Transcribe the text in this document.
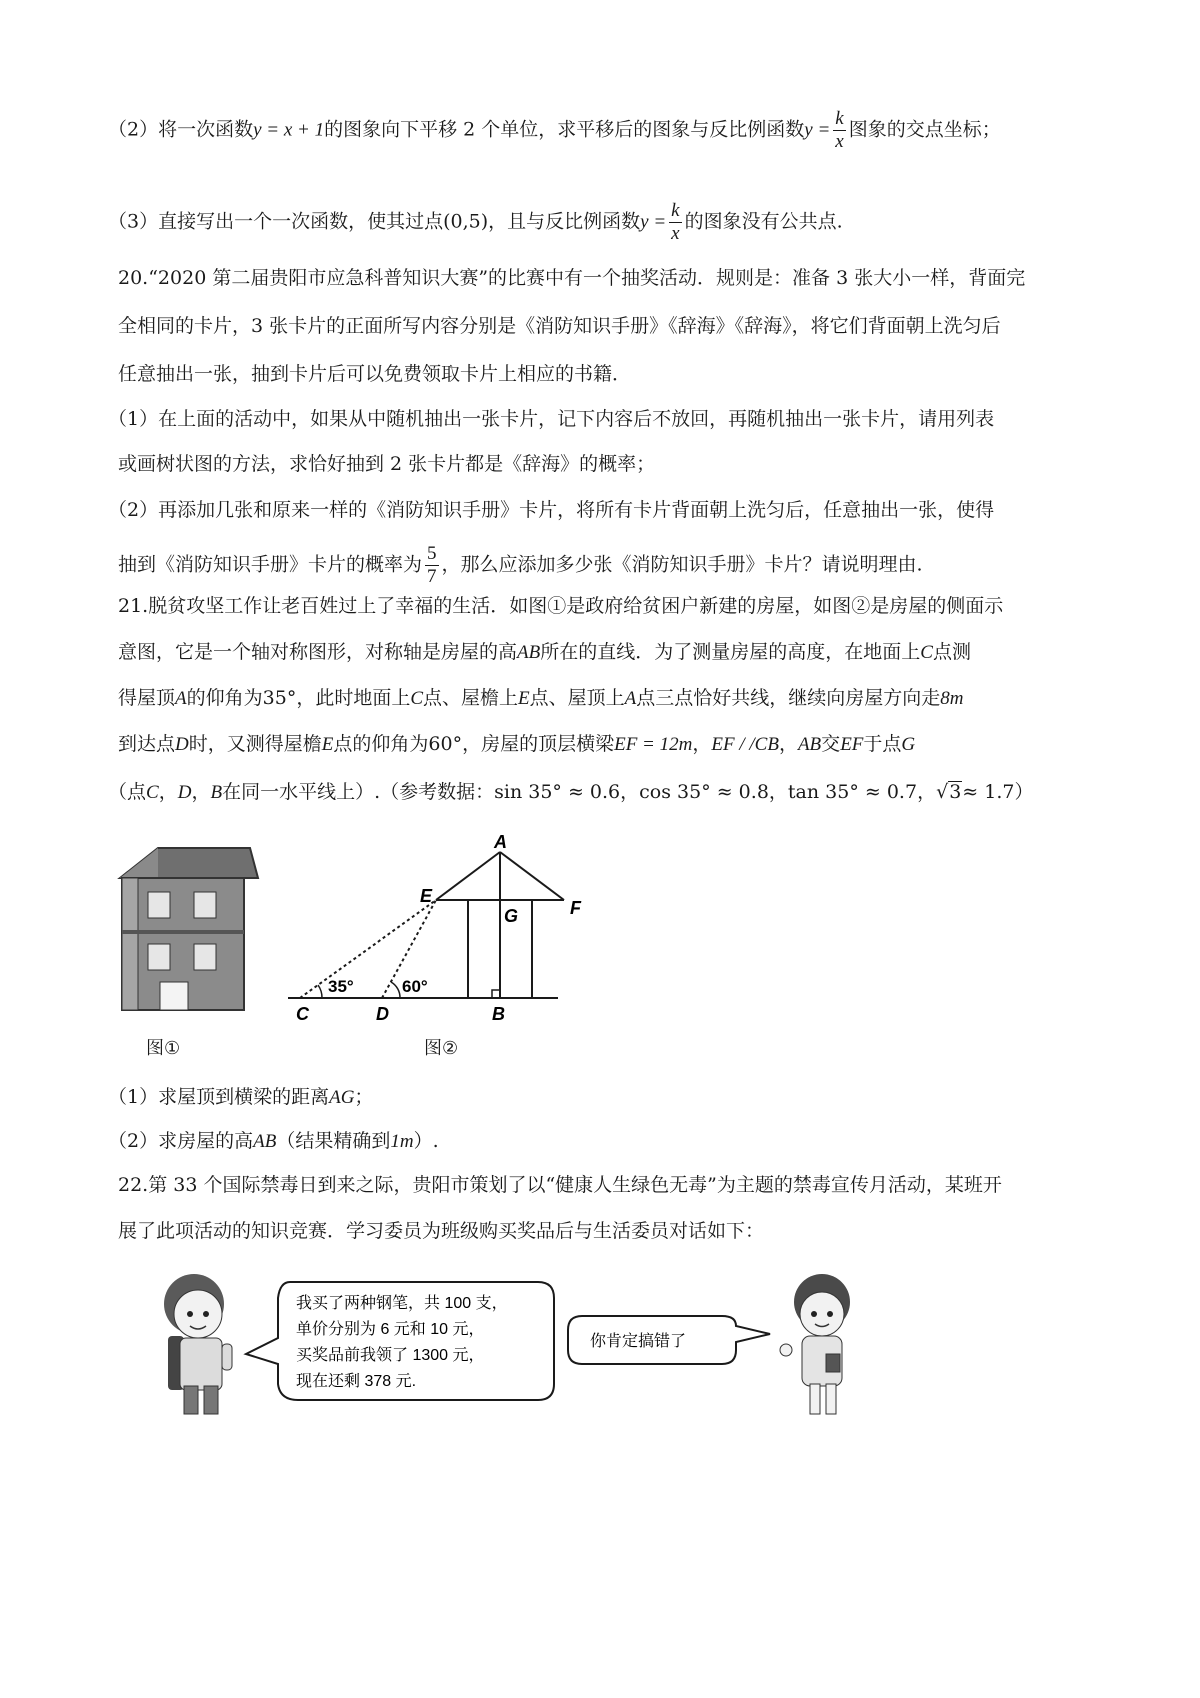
（2）将一次函数y = x + 1的图象向下平移 2 个单位，求平移后的图象与反比例函数$y = \frac{k}{x}$ 图象的交点坐标；
（3）直接写出一个一次函数，使其过点(0,5)，且与反比例函数$y = \frac{k}{x}$ 的图象没有公共点.
20.“2020 第二届贵阳市应急科普知识大赛”的比赛中有一个抽奖活动．规则是：准备 3 张大小一样，背面完
全相同的卡片，3 张卡片的正面所写内容分别是《消防知识手册》《辞海》《辞海》，将它们背面朝上洗匀后
任意抽出一张，抽到卡片后可以免费领取卡片上相应的书籍．
（1）在上面的活动中，如果从中随机抽出一张卡片，记下内容后不放回，再随机抽出一张卡片，请用列表
或画树状图的方法，求恰好抽到 2 张卡片都是《辞海》的概率；
（2）再添加几张和原来一样的《消防知识手册》卡片，将所有卡片背面朝上洗匀后，任意抽出一张，使得
抽到《消防知识手册》卡片的概率为 $\frac{5}{7}$ ，那么应添加多少张《消防知识手册》卡片？请说明理由.
21.脱贫攻坚工作让老百姓过上了幸福的生活．如图①是政府给贫困户新建的房屋，如图②是房屋的侧面示
意图，它是一个轴对称图形，对称轴是房屋的高AB所在的直线．为了测量房屋的高度，在地面上C点测
得屋顶A的仰角为35°，此时地面上C点、屋檐上E点、屋顶上A点三点恰好共线，继续向房屋方向走8m
到达点D时，又测得屋檐E点的仰角为60°，房屋的顶层横梁EF = 12m，EF / /CB，AB交EF于点G
（点C，D，B在同一水平线上）.（参考数据：sin 35° ≈ 0.6，cos 35° ≈ 0.8，tan 35° ≈ 0.7，√3≈ 1.7）
图①
A
E
F
G
C	D	B
35°	60°
图②
（1）求屋顶到横梁的距离AG；
（2）求房屋的高AB（结果精确到1m）.
22.第 33 个国际禁毒日到来之际，贵阳市策划了以“健康人生绿色无毒”为主题的禁毒宣传月活动，某班开
展了此项活动的知识竞赛．学习委员为班级购买奖品后与生活委员对话如下：
我买了两种钢笔，共 100 支，
单价分别为 6 元和 10 元，
买奖品前我领了 1300 元，
现在还剩 378 元.
你肯定搞错了
